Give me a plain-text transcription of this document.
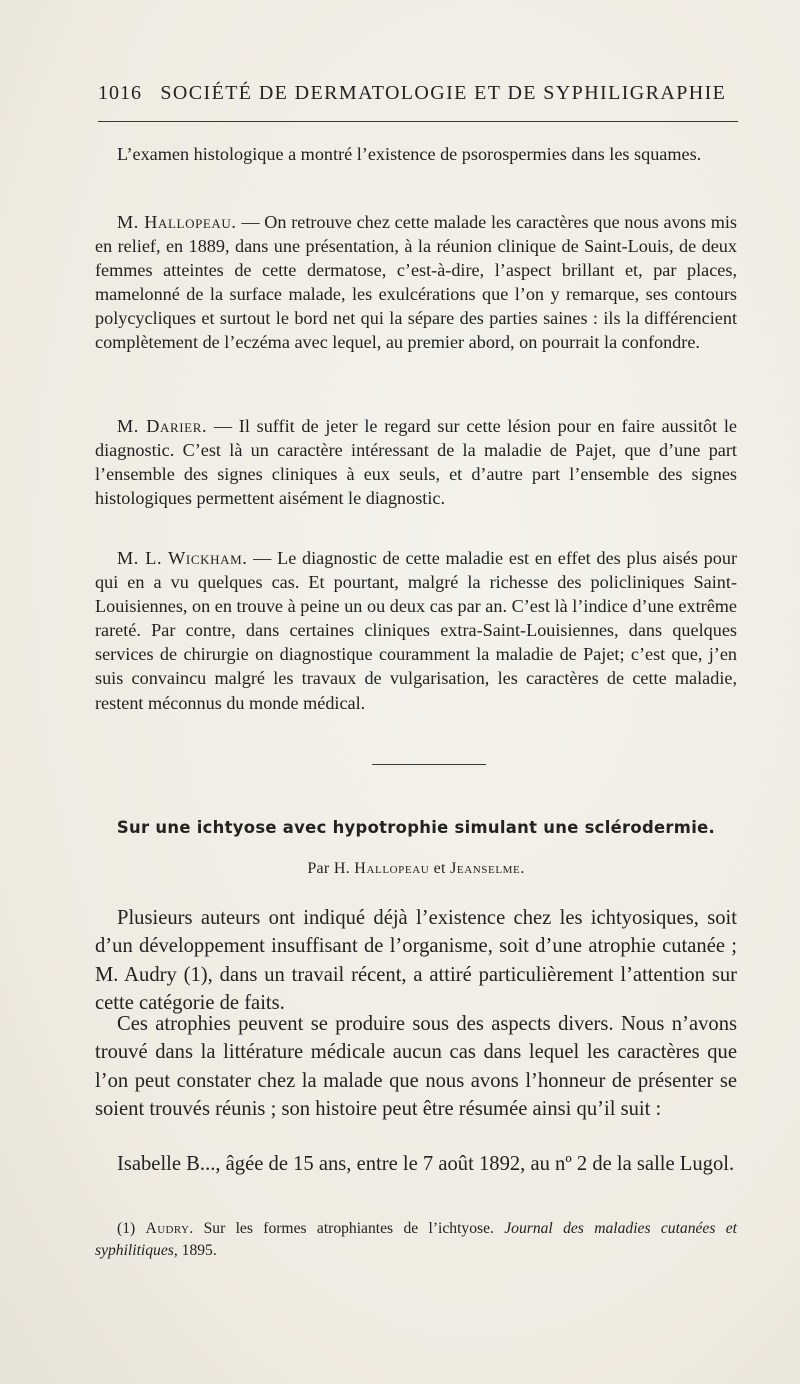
1016 SOCIÉTÉ DE DERMATOLOGIE ET DE SYPHILIGRAPHIE
L’examen histologique a montré l’existence de psorospermies dans les squames.
M. Hallopeau. — On retrouve chez cette malade les caractères que nous avons mis en relief, en 1889, dans une présentation, à la réunion clinique de Saint-Louis, de deux femmes atteintes de cette dermatose, c’est-à-dire, l’aspect brillant et, par places, mamelonné de la surface malade, les exulcérations que l’on y remarque, ses contours polycycliques et surtout le bord net qui la sépare des parties saines : ils la différencient complètement de l’eczéma avec lequel, au premier abord, on pourrait la confondre.
M. Darier. — Il suffit de jeter le regard sur cette lésion pour en faire aussitôt le diagnostic. C’est là un caractère intéressant de la maladie de Pajet, que d’une part l’ensemble des signes cliniques à eux seuls, et d’autre part l’ensemble des signes histologiques permettent aisément le diagnostic.
M. L. Wickham. — Le diagnostic de cette maladie est en effet des plus aisés pour qui en a vu quelques cas. Et pourtant, malgré la richesse des policliniques Saint-Louisiennes, on en trouve à peine un ou deux cas par an. C’est là l’indice d’une extrême rareté. Par contre, dans certaines cliniques extra-Saint-Louisiennes, dans quelques services de chirurgie on diagnostique couramment la maladie de Pajet; c’est que, j’en suis convaincu malgré les travaux de vulgarisation, les caractères de cette maladie, restent méconnus du monde médical.
Sur une ichtyose avec hypotrophie simulant une sclérodermie.
Par H. Hallopeau et Jeanselme.
Plusieurs auteurs ont indiqué déjà l’existence chez les ichtyosiques, soit d’un développement insuffisant de l’organisme, soit d’une atrophie cutanée ; M. Audry (1), dans un travail récent, a attiré particulièrement l’attention sur cette catégorie de faits.
Ces atrophies peuvent se produire sous des aspects divers. Nous n’avons trouvé dans la littérature médicale aucun cas dans lequel les caractères que l’on peut constater chez la malade que nous avons l’honneur de présenter se soient trouvés réunis ; son histoire peut être résumée ainsi qu’il suit :
Isabelle B..., âgée de 15 ans, entre le 7 août 1892, au nº 2 de la salle Lugol.
(1) Audry. Sur les formes atrophiantes de l’ichtyose. Journal des maladies cutanées et syphilitiques, 1895.
